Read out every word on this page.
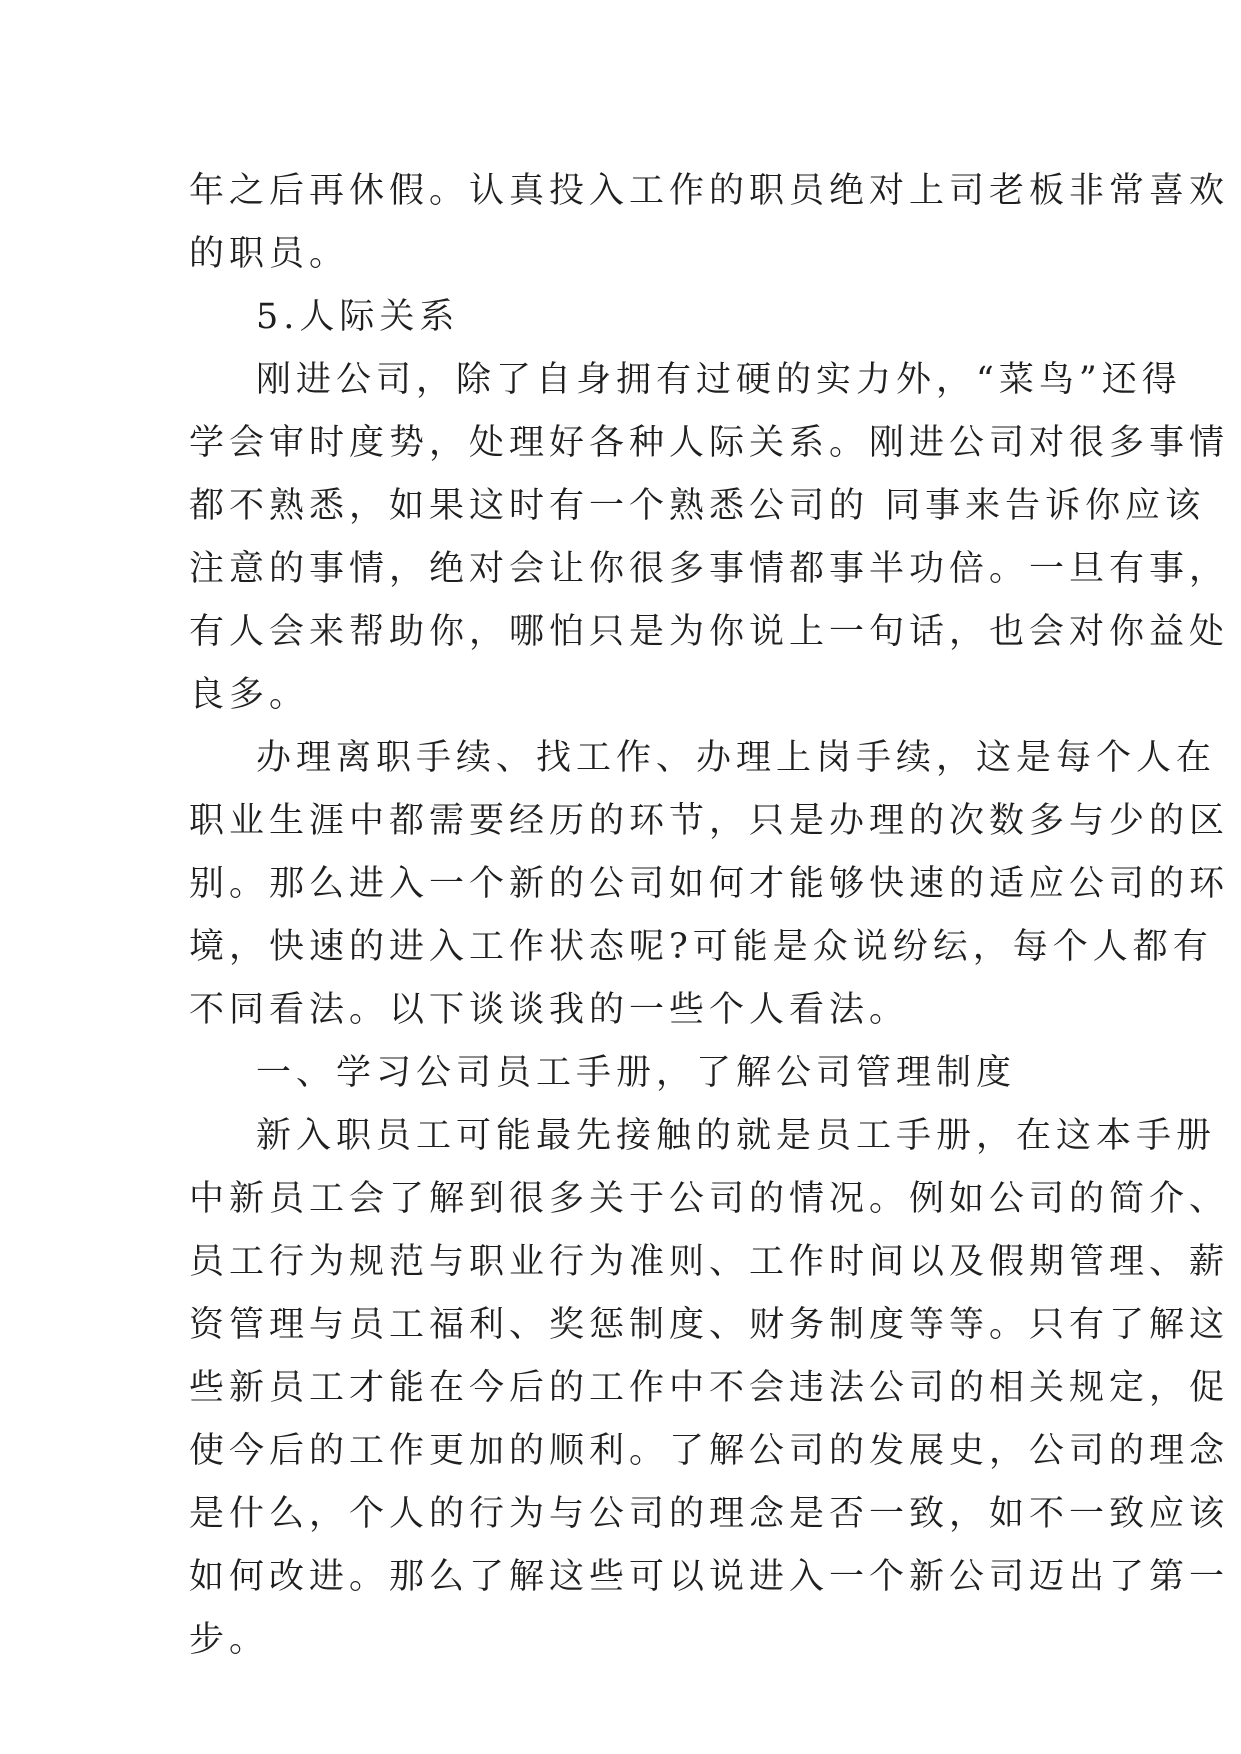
年之后再休假。认真投入工作的职员绝对上司老板非常喜欢
的职员。
5.人际关系
刚进公司，除了自身拥有过硬的实力外，“菜鸟”还得
学会审时度势，处理好各种人际关系。刚进公司对很多事情
都不熟悉，如果这时有一个熟悉公司的 同事来告诉你应该
注意的事情，绝对会让你很多事情都事半功倍。一旦有事，
有人会来帮助你，哪怕只是为你说上一句话，也会对你益处
良多。
办理离职手续、找工作、办理上岗手续，这是每个人在
职业生涯中都需要经历的环节，只是办理的次数多与少的区
别。那么进入一个新的公司如何才能够快速的适应公司的环
境，快速的进入工作状态呢?可能是众说纷纭，每个人都有
不同看法。以下谈谈我的一些个人看法。
一、学习公司员工手册，了解公司管理制度
新入职员工可能最先接触的就是员工手册，在这本手册
中新员工会了解到很多关于公司的情况。例如公司的简介、
员工行为规范与职业行为准则、工作时间以及假期管理、薪
资管理与员工福利、奖惩制度、财务制度等等。只有了解这
些新员工才能在今后的工作中不会违法公司的相关规定，促
使今后的工作更加的顺利。了解公司的发展史，公司的理念
是什么，个人的行为与公司的理念是否一致，如不一致应该
如何改进。那么了解这些可以说进入一个新公司迈出了第一
步。
